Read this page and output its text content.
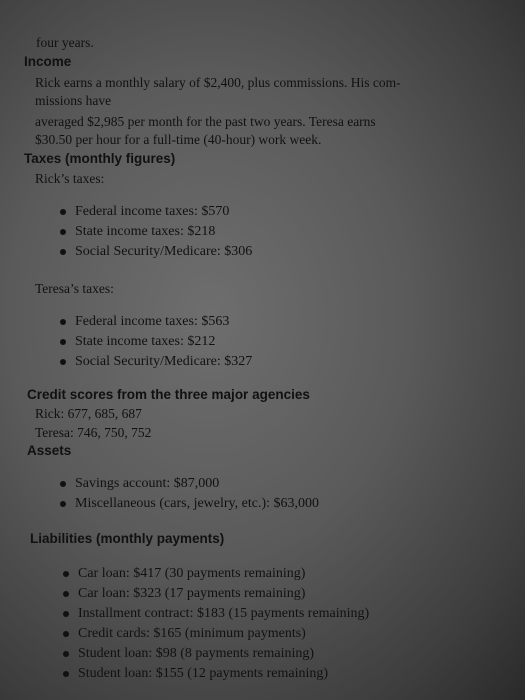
four years.

Income

Rick earns a monthly salary of $2,400, plus commissions. His com-

missions have

averaged $2,985 per month for the past two years. Teresa earns

$30.50 per hour for a full-time (40-hour) work week.

Taxes (monthly figures)

Rick’s taxes:

Federal income taxes: $570
State income taxes: $218
Social Security/Medicare: $306

Teresa’s taxes:

Federal income taxes: $563
State income taxes: $212
Social Security/Medicare: $327
Credit scores from the three major agencies

Rick: 677, 685, 687

Teresa: 746, 750, 752

Assets
Savings account: $87,000
Miscellaneous (cars, jewelry, etc.): $63,000
Liabilities (monthly payments)
Car loan: $417 (30 payments remaining)
Car loan: $323 (17 payments remaining)
Installment contract: $183 (15 payments remaining)
Credit cards: $165 (minimum payments)
Student loan: $98 (8 payments remaining)
Student loan: $155 (12 payments remaining)
